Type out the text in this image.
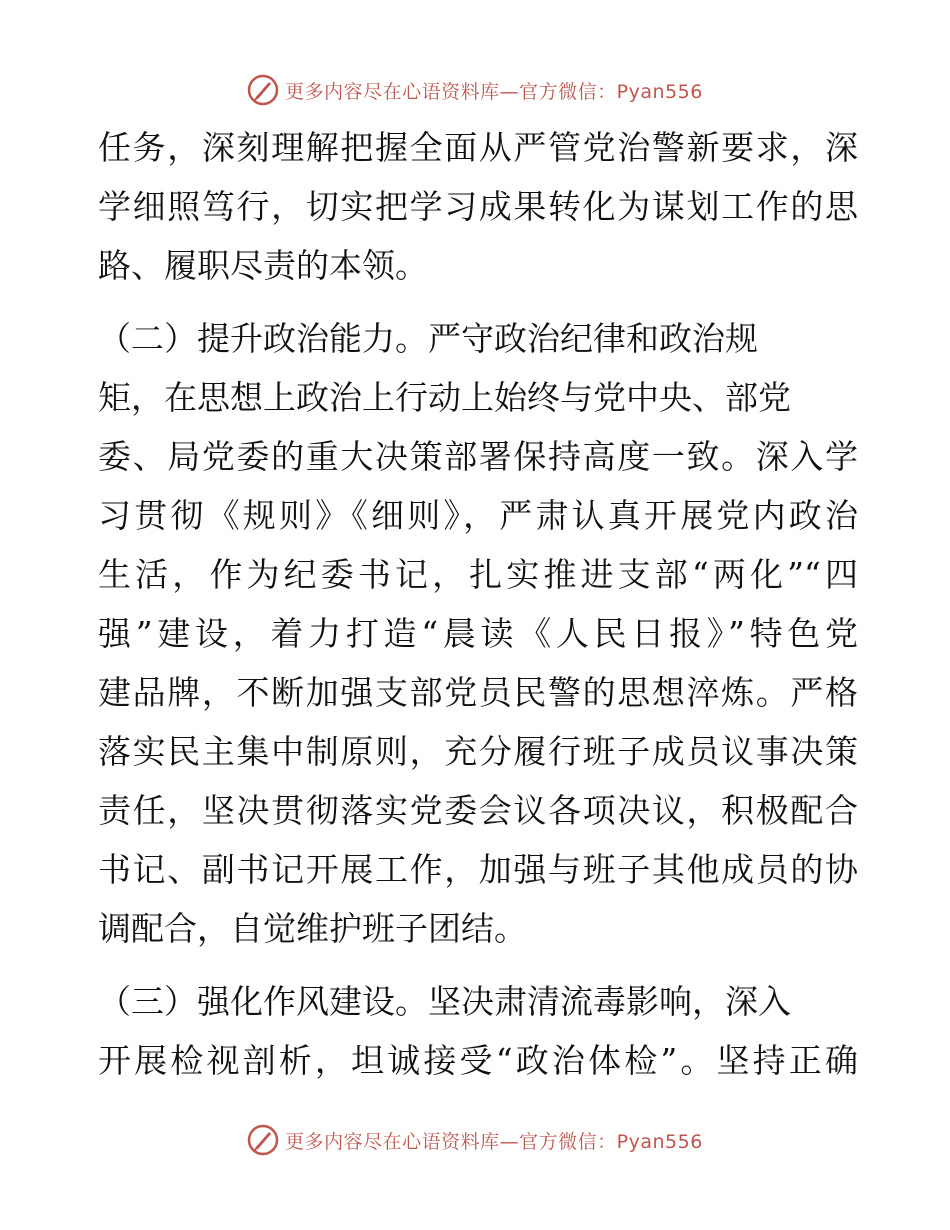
更多内容尽在心语资料库—官方微信：Pyan556
任务，深刻理解把握全面从严管党治警新要求，深
学细照笃行，切实把学习成果转化为谋划工作的思
路、履职尽责的本领。
（二）提升政治能力。严守政治纪律和政治规
矩，在思想上政治上行动上始终与党中央、部党
委、局党委的重大决策部署保持高度一致。深入学
习贯彻《规则》《细则》，严肃认真开展党内政治
生活，作为纪委书记，扎实推进支部“两化”“四
强”建设，着力打造“晨读《人民日报》”特色党
建品牌，不断加强支部党员民警的思想淬炼。严格
落实民主集中制原则，充分履行班子成员议事决策
责任，坚决贯彻落实党委会议各项决议，积极配合
书记、副书记开展工作，加强与班子其他成员的协
调配合，自觉维护班子团结。
（三）强化作风建设。坚决肃清流毒影响，深入
开展检视剖析，坦诚接受“政治体检”。坚持正确
更多内容尽在心语资料库—官方微信：Pyan556
